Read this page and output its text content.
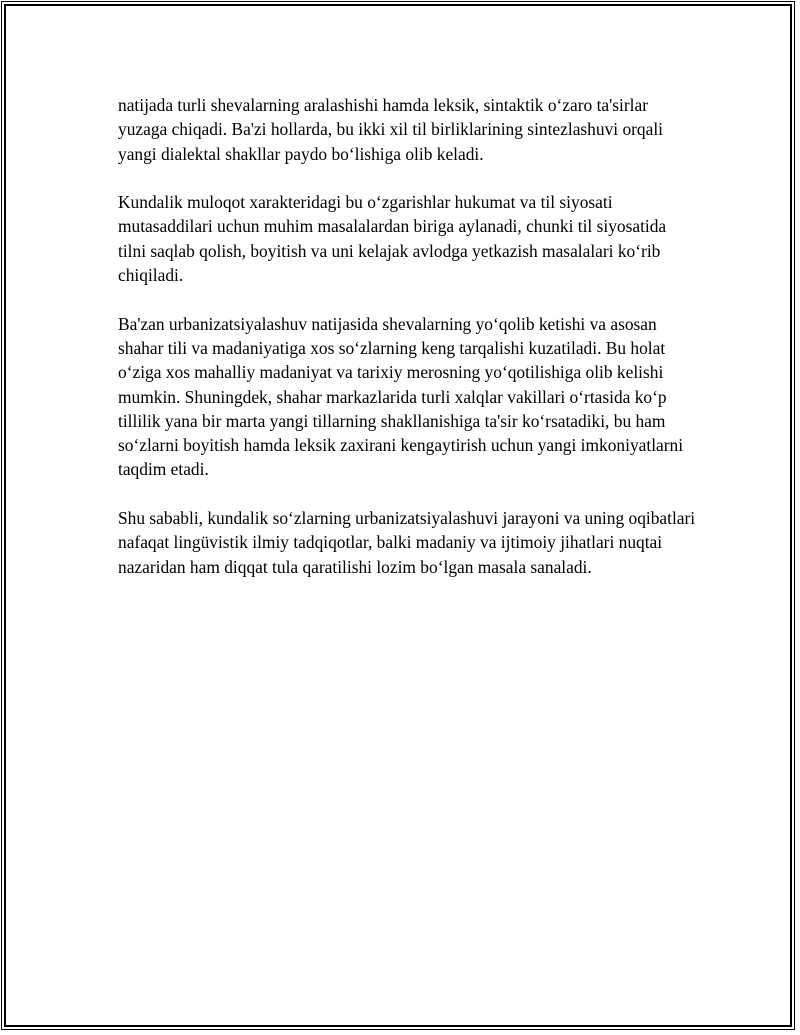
natijada turli shevalarning aralashishi hamda leksik, sintaktik o‘zaro ta'sirlar yuzaga chiqadi. Ba'zi hollarda, bu ikki xil til birliklarining sintezlashuvi orqali yangi dialektal shakllar paydo bo‘lishiga olib keladi.

Kundalik muloqot xarakteridagi bu o‘zgarishlar hukumat va til siyosati mutasaddilari uchun muhim masalalardan biriga aylanadi, chunki til siyosatida tilni saqlab qolish, boyitish va uni kelajak avlodga yetkazish masalalari ko‘rib chiqiladi.

Ba'zan urbanizatsiyalashuv natijasida shevalarning yo‘qolib ketishi va asosan shahar tili va madaniyatiga xos so‘zlarning keng tarqalishi kuzatiladi. Bu holat o‘ziga xos mahalliy madaniyat va tarixiy merosning yo‘qotilishiga olib kelishi mumkin. Shuningdek, shahar markazlarida turli xalqlar vakillari o‘rtasida ko‘p tillilik yana bir marta yangi tillarning shakllanishiga ta'sir ko‘rsatadiki, bu ham so‘zlarni boyitish hamda leksik zaxirani kengaytirish uchun yangi imkoniyatlarni taqdim etadi.

Shu sababli, kundalik so‘zlarning urbanizatsiyalashuvi jarayoni va uning oqibatlari nafaqat lingüvistik ilmiy tadqiqotlar, balki madaniy va ijtimoiy jihatlari nuqtai nazaridan ham diqqat tula qaratilishi lozim bo‘lgan masala sanaladi.
